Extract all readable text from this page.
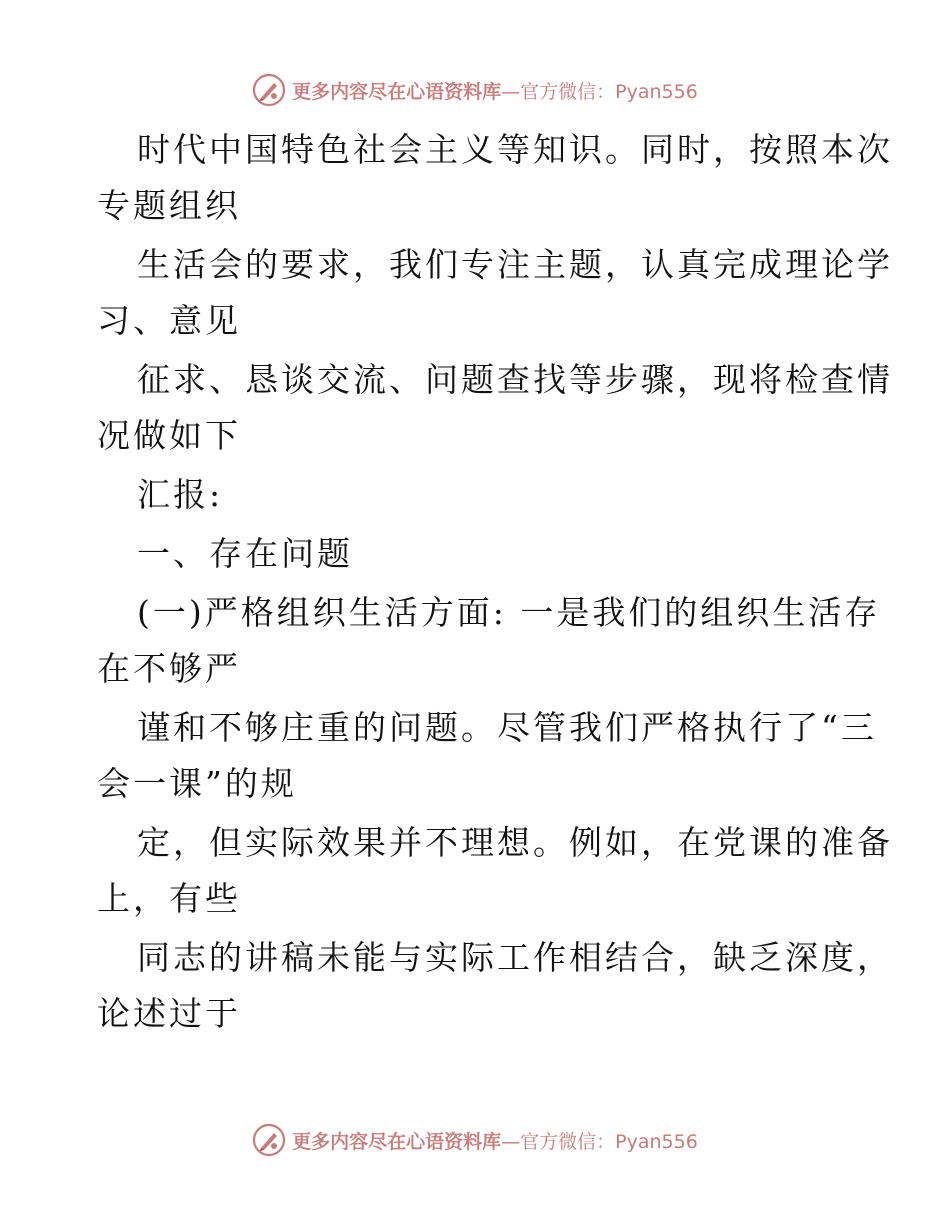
更多内容尽在心语资料库 —官方微信：Pyan556
时代中国特色社会主义等知识。同时，按照本次
专题组织
生活会的要求，我们专注主题，认真完成理论学
习、意见
征求、恳谈交流、问题查找等步骤，现将检查情
况做如下
汇报:
一、存在问题
(一)严格组织生活方面: 一是我们的组织生活存
在不够严
谨和不够庄重的问题。尽管我们严格执行了“三
会一课”的规
定，但实际效果并不理想。例如，在党课的准备
上，有些
同志的讲稿未能与实际工作相结合，缺乏深度，
论述过于
更多内容尽在心语资料库 —官方微信：Pyan556
